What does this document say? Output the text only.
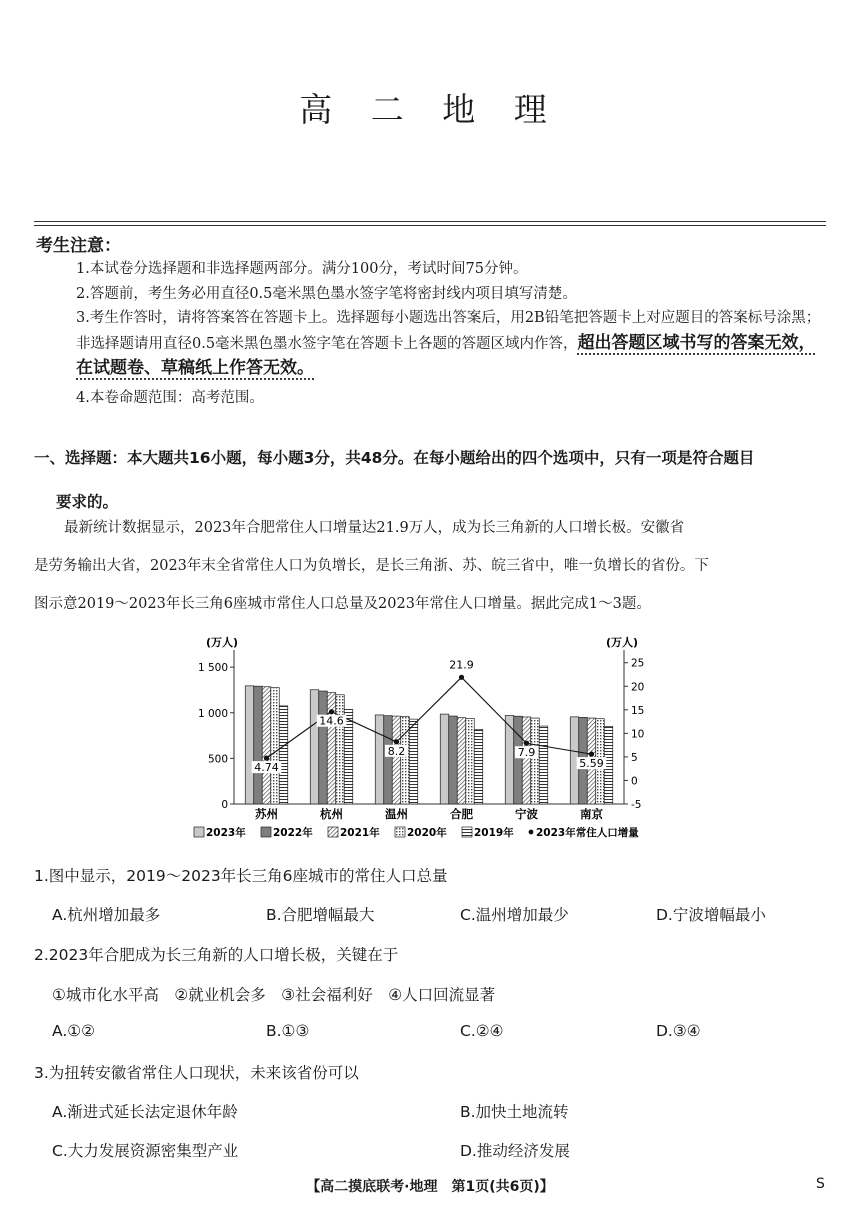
高 二 地 理
考生注意：
1.本试卷分选择题和非选择题两部分。满分100分，考试时间75分钟。
2.答题前，考生务必用直径0.5毫米黑色墨水签字笔将密封线内项目填写清楚。
3.考生作答时，请将答案答在答题卡上。选择题每小题选出答案后，用2B铅笔把答题卡上对应题目的答案标号涂黑；非选择题请用直径0.5毫米黑色墨水签字笔在答题卡上各题的答题区域内作答，超出答题区域书写的答案无效，在试题卷、草稿纸上作答无效。
4.本卷命题范围：高考范围。
一、选择题：本大题共16小题，每小题3分，共48分。在每小题给出的四个选项中，只有一项是符合题目
要求的。
最新统计数据显示，2023年合肥常住人口增量达21.9万人，成为长三角新的人口增长极。安徽省
是劳务输出大省，2023年末全省常住人口为负增长，是长三角浙、苏、皖三省中，唯一负增长的省份。下
图示意2019～2023年长三角6座城市常住人口总量及2023年常住人口增量。据此完成1～3题。
(万人)	(万人)
0
500
1 000
1 500
-5
0
5
10
15
20
25
苏州	杭州	温州	合肥	宁波	南京
4.74
14.6
8.2
21.9
7.9
5.59
2023年	2022年	2021年	2020年	2019年 2023年常住人口增量
1.图中显示，2019～2023年长三角6座城市的常住人口总量
A.杭州增加最多	B.合肥增幅最大	C.温州增加最少	D.宁波增幅最小
2.2023年合肥成为长三角新的人口增长极，关键在于
①城市化水平高　②就业机会多　③社会福利好　④人口回流显著
A.①②	B.①③	C.②④	D.③④
3.为扭转安徽省常住人口现状，未来该省份可以
A.渐进式延长法定退休年龄	B.加快土地流转
C.大力发展资源密集型产业	D.推动经济发展
【高二摸底联考·地理　第1页(共6页)】	S
